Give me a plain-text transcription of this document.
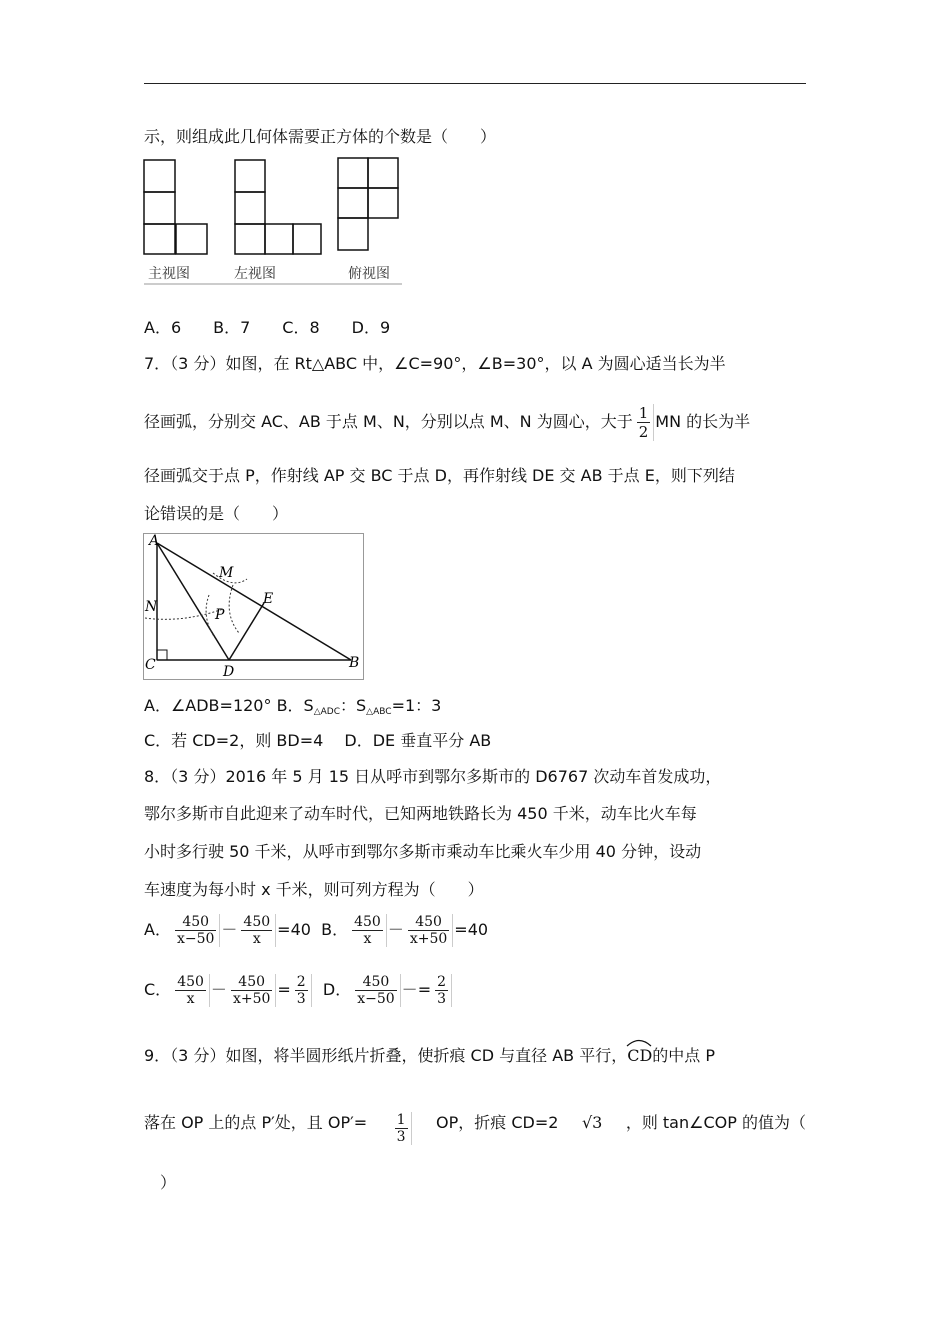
示，则组成此几何体需要正方体的个数是（　　）
主视图	左视图	俯视图
A．6　　B．7　　C．8　　D．9
7．（3 分）如图，在 Rt△ABC 中，∠C=90°，∠B=30°，以 A 为圆心适当长为半
径画弧，分别交 AC、AB 于点 M、N，分别以点 M、N 为圆心，大于 $\frac{1}{2}$ MN 的长为半
径画弧交于点 P，作射线 AP 交 BC 于点 D，再作射线 DE 交 AB 于点 E，则下列结
论错误的是（　　）
A
M
N	P
E
C	D
B
A．∠ADB=120° B．$S_{\triangle ADC}$：$S_{\triangle ABC}=1$：3
C．若 CD=2，则 BD=4　 D．DE 垂直平分 AB
8．（3 分）2016 年 5 月 15 日从呼市到鄂尔多斯市的 D6767 次动车首发成功，
鄂尔多斯市自此迎来了动车时代，已知两地铁路长为 450 千米，动车比火车每
小时多行驶 50 千米，从呼市到鄂尔多斯市乘动车比乘火车少用 40 分钟，设动
车速度为每小时 x 千米，则可列方程为（　　）
A． $\frac{450}{x-50} - \frac{450}{x} =40$ B． $\frac{450}{x} - \frac{450}{x+50} =40$
C． $\frac{450}{x} - \frac{450}{x+50} = \frac{2}{3}$ D． $\frac{450}{x-50} -= \frac{2}{3}$
9．（3 分）如图，将半圆形纸片折叠，使折痕 CD 与直径 AB 平行，
CD的中点 P
落在 OP 上的点 P′处，且 $OP'= \frac{1}{3}$ OP，折痕 CD=2 √3 ，则 tan∠COP 的值为（
　）
